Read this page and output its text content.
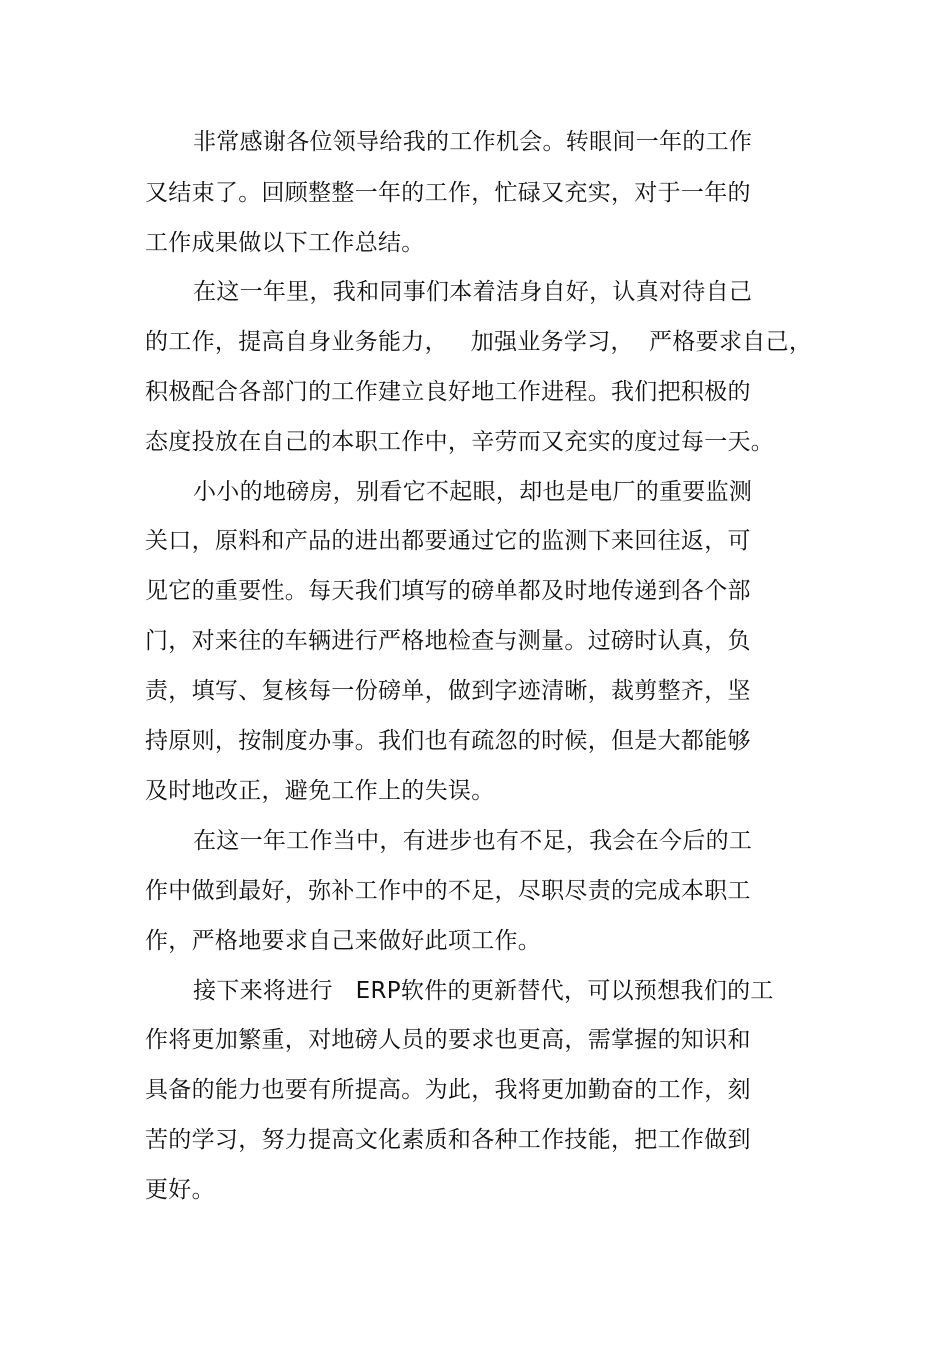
非常感谢各位领导给我的工作机会。转眼间一年的工作
又结束了。回顾整整一年的工作，忙碌又充实，对于一年的
工作成果做以下工作总结。
在这一年里，我和同事们本着洁身自好，认真对待自己
的工作，提高自身业务能力，   加强业务学习，  严格要求自己，
积极配合各部门的工作建立良好地工作进程。我们把积极的
态度投放在自己的本职工作中，辛劳而又充实的度过每一天。
小小的地磅房，别看它不起眼，却也是电厂的重要监测
关口，原料和产品的进出都要通过它的监测下来回往返，可
见它的重要性。每天我们填写的磅单都及时地传递到各个部
门，对来往的车辆进行严格地检查与测量。过磅时认真，负
责，填写、复核每一份磅单，做到字迹清晰，裁剪整齐，坚
持原则，按制度办事。我们也有疏忽的时候，但是大都能够
及时地改正，避免工作上的失误。
在这一年工作当中，有进步也有不足，我会在今后的工
作中做到最好，弥补工作中的不足，尽职尽责的完成本职工
作，严格地要求自己来做好此项工作。
接下来将进行   ERP软件的更新替代，可以预想我们的工
作将更加繁重，对地磅人员的要求也更高，需掌握的知识和
具备的能力也要有所提高。为此，我将更加勤奋的工作，刻
苦的学习，努力提高文化素质和各种工作技能，把工作做到
更好。
